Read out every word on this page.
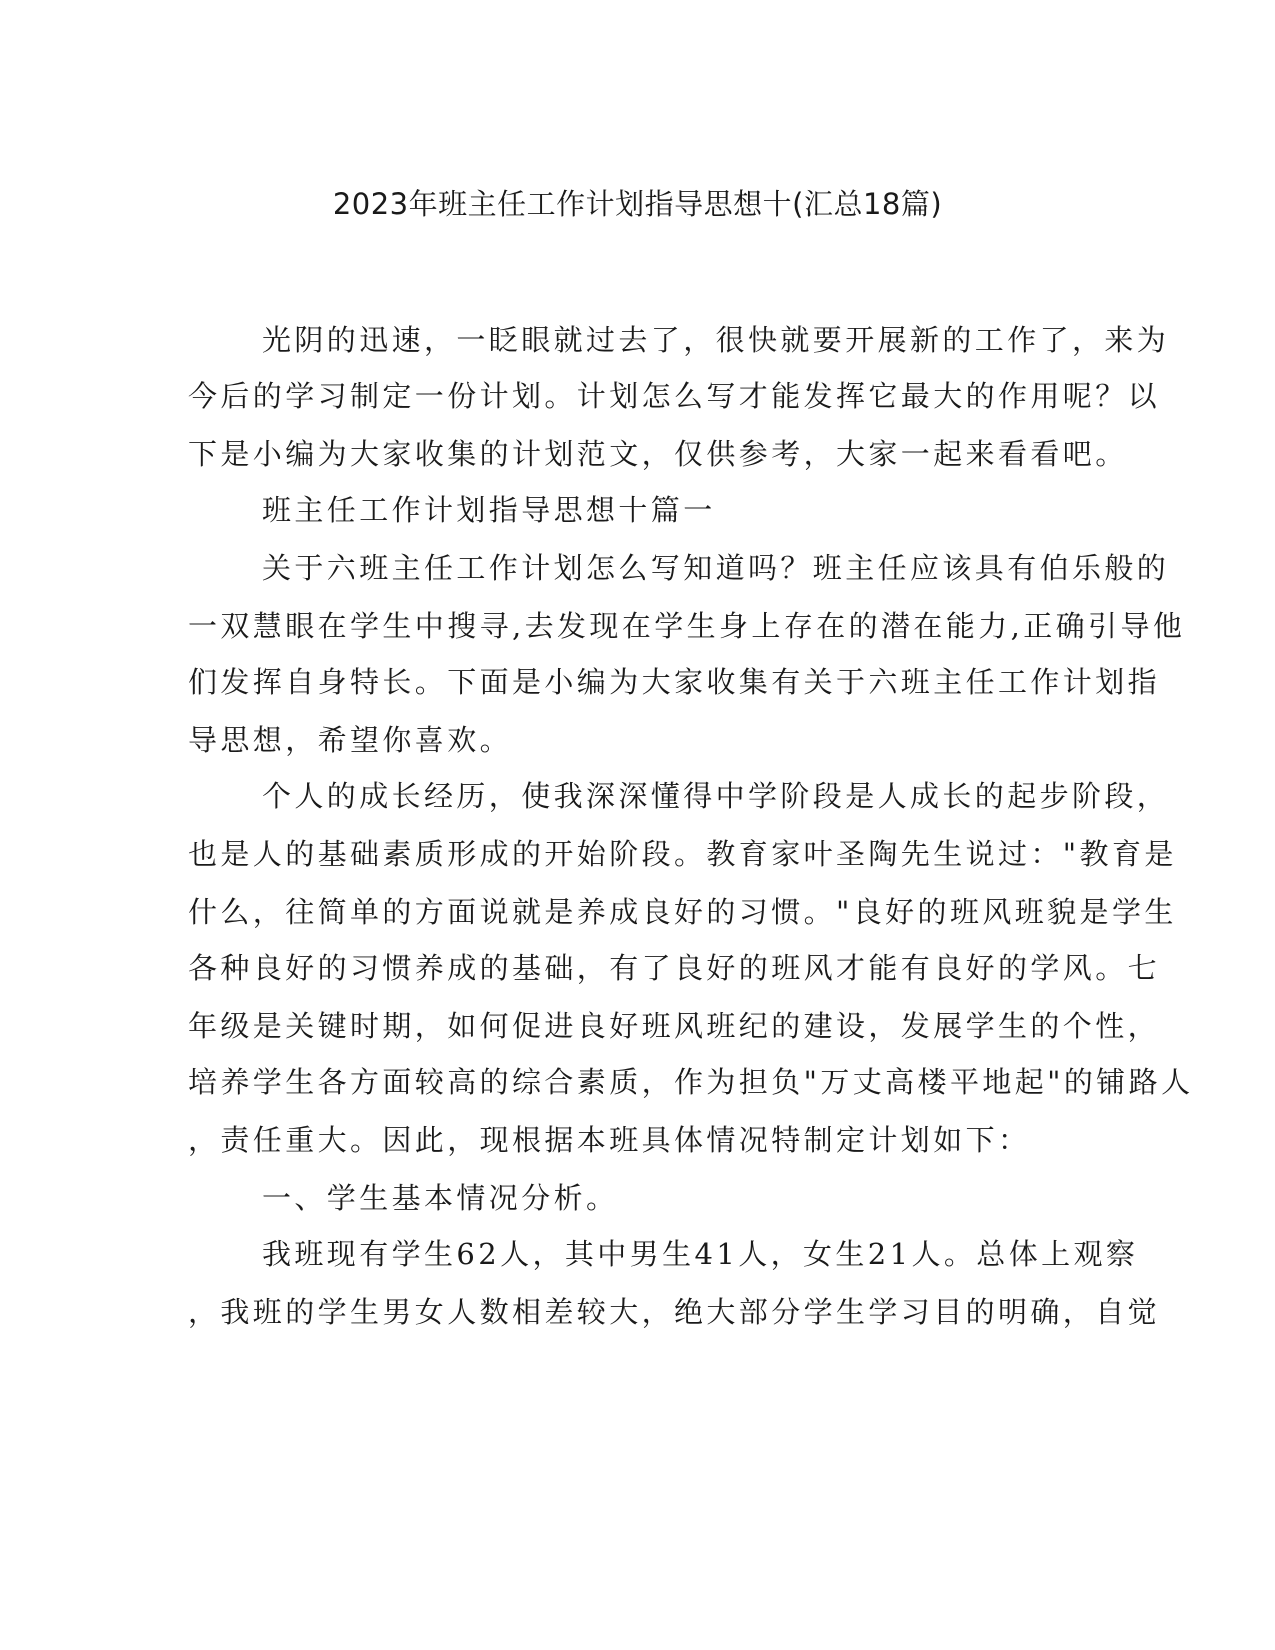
2023年班主任工作计划指导思想十(汇总18篇)
光阴的迅速，一眨眼就过去了，很快就要开展新的工作了，来为
今后的学习制定一份计划。计划怎么写才能发挥它最大的作用呢？以
下是小编为大家收集的计划范文，仅供参考，大家一起来看看吧。
班主任工作计划指导思想十篇一
关于六班主任工作计划怎么写知道吗？班主任应该具有伯乐般的
一双慧眼在学生中搜寻,去发现在学生身上存在的潜在能力,正确引导他
们发挥自身特长。下面是小编为大家收集有关于六班主任工作计划指
导思想，希望你喜欢。
个人的成长经历，使我深深懂得中学阶段是人成长的起步阶段，
也是人的基础素质形成的开始阶段。教育家叶圣陶先生说过："教育是
什么，往简单的方面说就是养成良好的习惯。"良好的班风班貌是学生
各种良好的习惯养成的基础，有了良好的班风才能有良好的学风。七
年级是关键时期，如何促进良好班风班纪的建设，发展学生的个性，
培养学生各方面较高的综合素质，作为担负"万丈高楼平地起"的铺路人
，责任重大。因此，现根据本班具体情况特制定计划如下：
一、学生基本情况分析。
我班现有学生62人，其中男生41人，女生21人。总体上观察
，我班的学生男女人数相差较大，绝大部分学生学习目的明确，自觉
